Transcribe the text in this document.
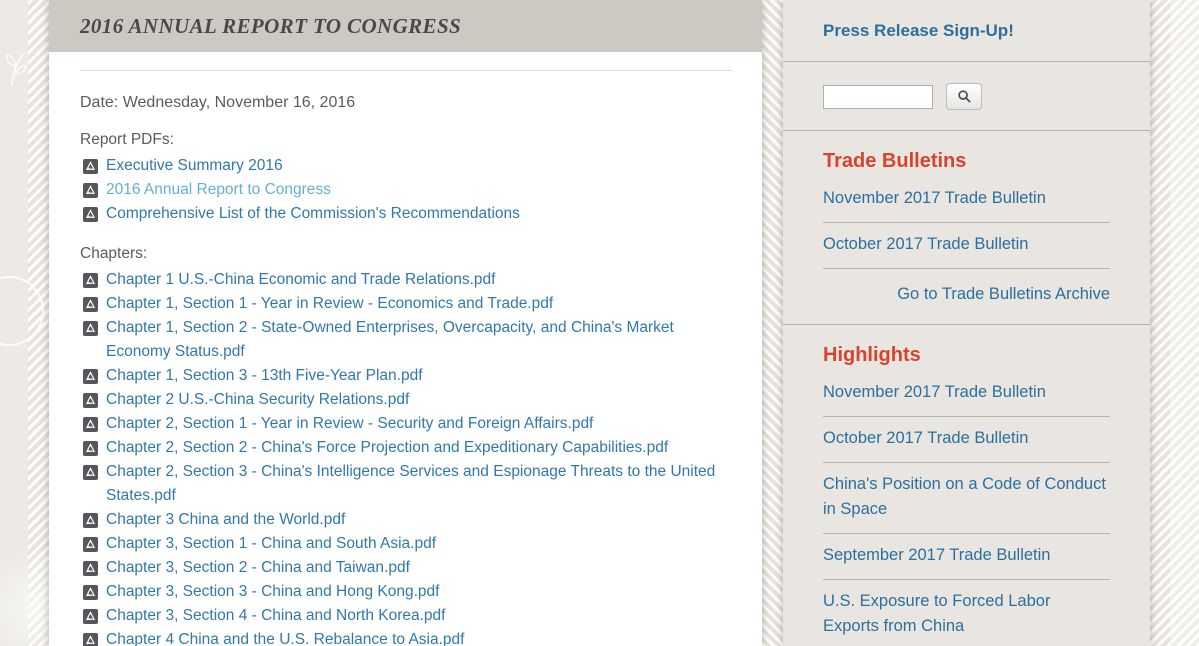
2016 ANNUAL REPORT TO CONGRESS

Date: Wednesday, November 16, 2016

Report PDFs:

Executive Summary 2016
2016 Annual Report to Congress
Comprehensive List of the Commission's Recommendations

Chapters:

Chapter 1 U.S.-China Economic and Trade Relations.pdf
Chapter 1, Section 1 - Year in Review - Economics and Trade.pdf
Chapter 1, Section 2 - State-Owned Enterprises, Overcapacity, and China's Market Economy Status.pdf
Chapter 1, Section 3 - 13th Five-Year Plan.pdf
Chapter 2 U.S.-China Security Relations.pdf
Chapter 2, Section 1 - Year in Review - Security and Foreign Affairs.pdf
Chapter 2, Section 2 - China's Force Projection and Expeditionary Capabilities.pdf
Chapter 2, Section 3 - China's Intelligence Services and Espionage Threats to the United States.pdf
Chapter 3 China and the World.pdf
Chapter 3, Section 1 - China and South Asia.pdf
Chapter 3, Section 2 - China and Taiwan.pdf
Chapter 3, Section 3 - China and Hong Kong.pdf
Chapter 3, Section 4 - China and North Korea.pdf
Chapter 4 China and the U.S. Rebalance to Asia.pdf
Press Release Sign-Up!

Trade Bulletins
November 2017 Trade Bulletin
October 2017 Trade Bulletin
Go to Trade Bulletins Archive
Highlights
November 2017 Trade Bulletin
October 2017 Trade Bulletin
China's Position on a Code of Conduct in Space
September 2017 Trade Bulletin
U.S. Exposure to Forced Labor Exports from China
